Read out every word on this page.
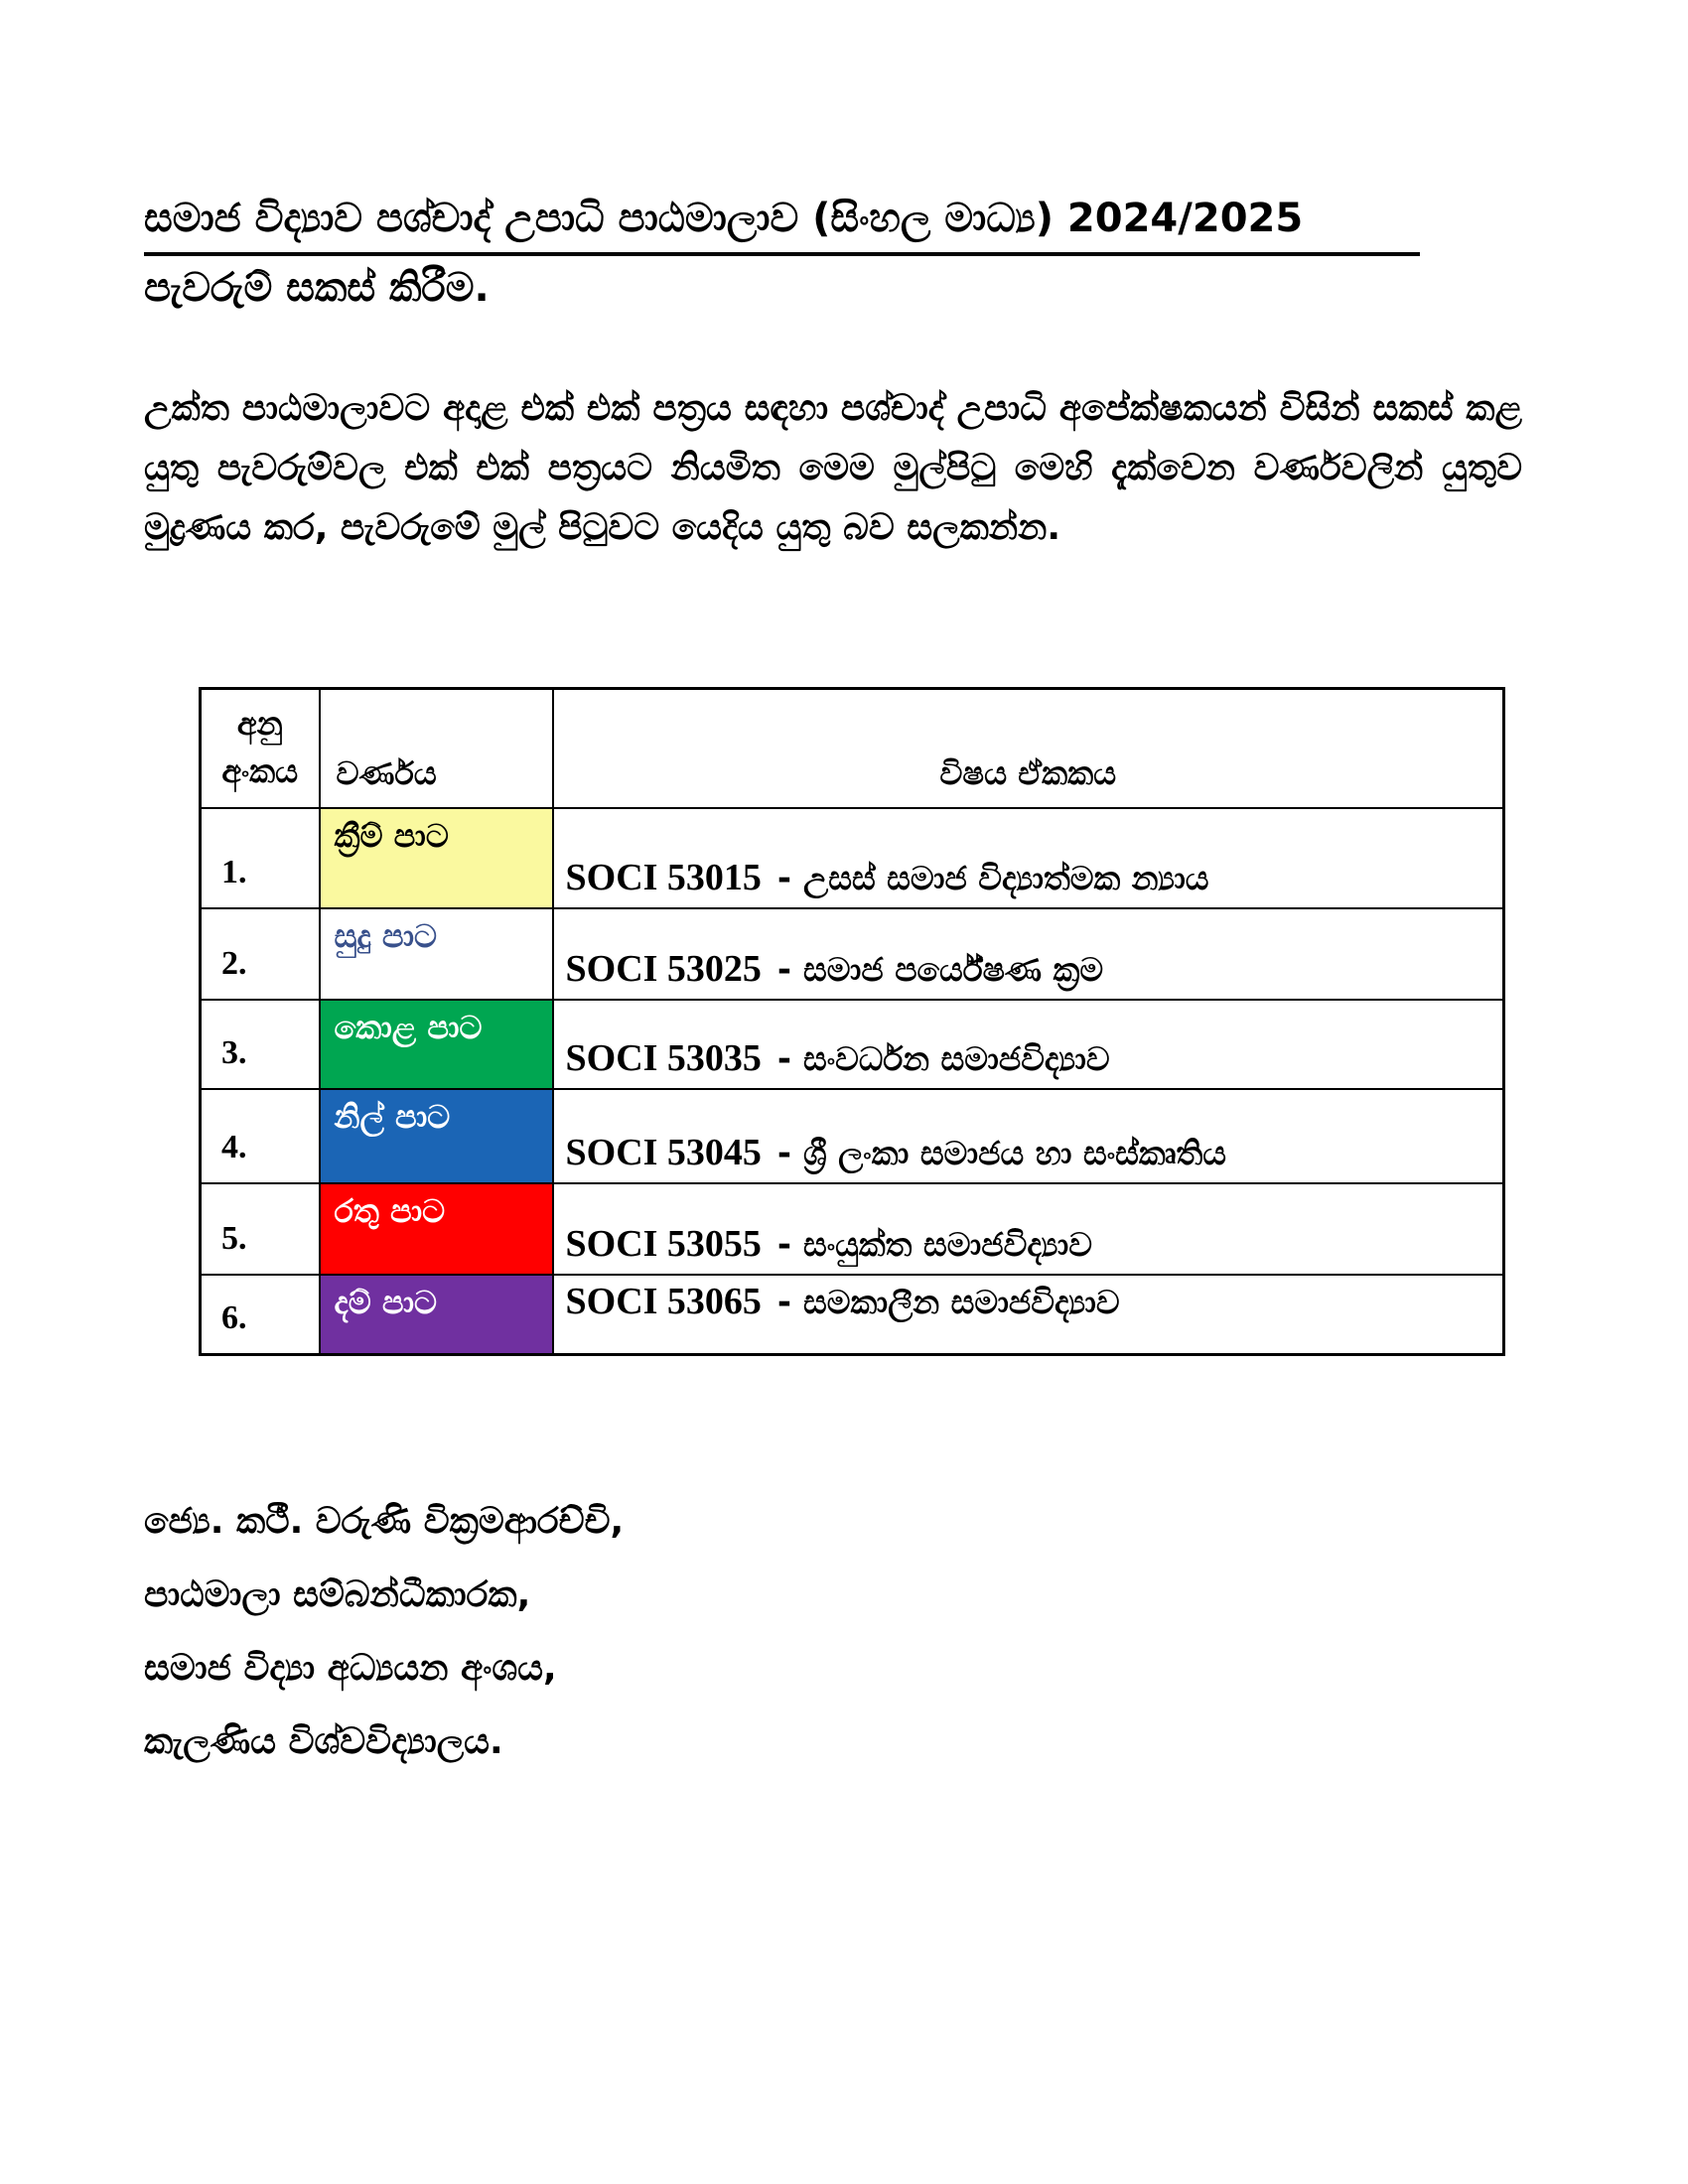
සමාජ විද්‍යාව පශ්චාද් උපාධි පාඨමාලාව (සිංහල මාධ්‍ය) 2024/2025
පැවරුම් සකස් කිරීම.
උක්ත පාඨමාලාවට අදාළ එක් එක් පත්‍රය සඳහා පශ්චාද් උපාධි අපේක්ෂකයන් විසින් සකස් කළ යුතු පැවරුම්වල එක් එක් පත්‍රයට නියමිත මෙම මුල්පිටු මෙහි දැක්වෙන වර්ණවලින් යුතුව මුද්‍රණය කර, පැවරුමේ මුල් පිටුවට යෙදිය යුතු බව සලකන්න.
අනු
අංකය	වර්ණය	විෂය ඒකකය
1.	ක්‍රීම් පාට	SOCI 53015 - උසස් සමාජ විද්‍යාත්මක න්‍යාය
2.	සුදු පාට	SOCI 53025 - සමාජ පර්යේෂණ ක්‍රම
3.	කොළ පාට	SOCI 53035 - සංවර්ධන සමාජවිද්‍යාව
4.	නිල් පාට	SOCI 53045 - ශ්‍රී ලංකා සමාජය හා සංස්කෘතිය
5.	රතු පාට	SOCI 53055 - සංයුක්ත සමාජවිද්‍යාව
6.	දම් පාට	SOCI 53065 - සමකාලීන සමාජවිද්‍යාව
ජ්‍යෙ. කථී. වරුණි වික්‍රමආරච්චි,
පාඨමාලා සම්බන්ධීකාරක,
සමාජ විද්‍යා අධ්‍යයන අංශය,
කැලණිය විශ්වවිද්‍යාලය.
